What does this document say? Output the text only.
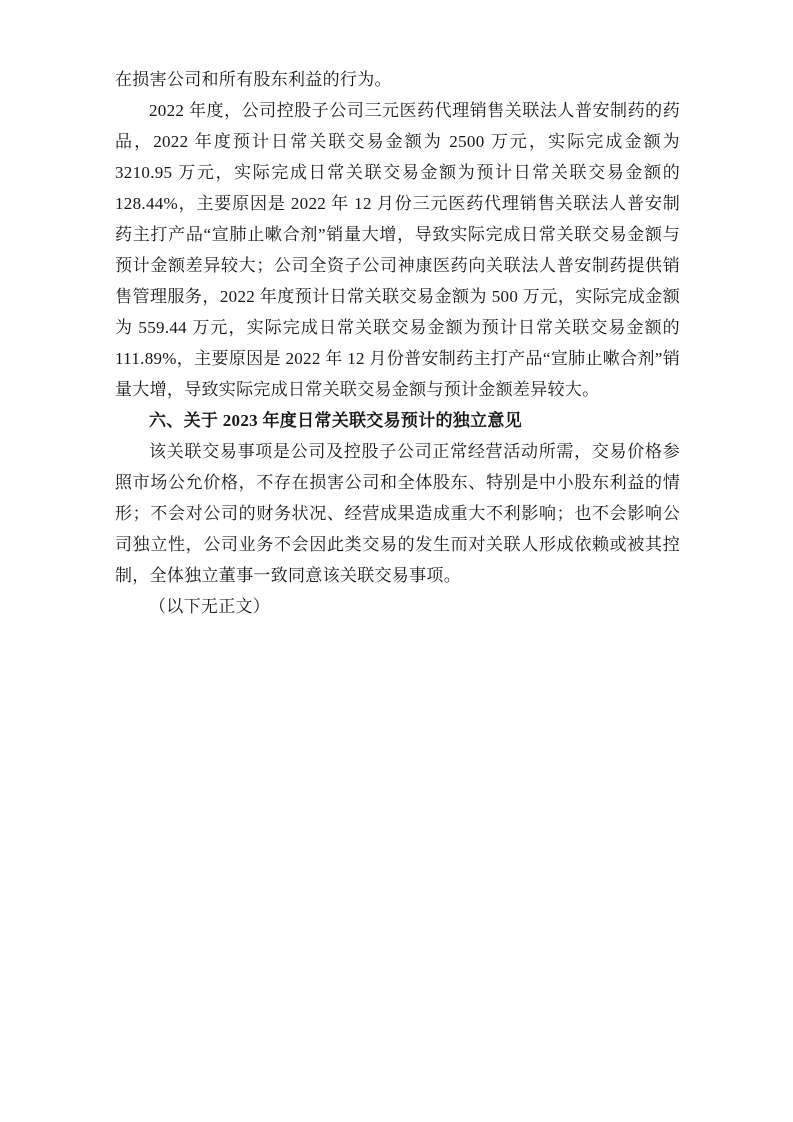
在损害公司和所有股东利益的行为。

2022 年度，公司控股子公司三元医药代理销售关联法人普安制药的药品，2022 年度预计日常关联交易金额为 2500 万元，实际完成金额为 3210.95 万元，实际完成日常关联交易金额为预计日常关联交易金额的 128.44%，主要原因是 2022 年 12 月份三元医药代理销售关联法人普安制药主打产品“宣肺止嗽合剂”销量大增，导致实际完成日常关联交易金额与预计金额差异较大；公司全资子公司神康医药向关联法人普安制药提供销售管理服务，2022 年度预计日常关联交易金额为 500 万元，实际完成金额为 559.44 万元，实际完成日常关联交易金额为预计日常关联交易金额的 111.89%，主要原因是 2022 年 12 月份普安制药主打产品“宣肺止嗽合剂”销量大增，导致实际完成日常关联交易金额与预计金额差异较大。

六、关于 2023 年度日常关联交易预计的独立意见

该关联交易事项是公司及控股子公司正常经营活动所需，交易价格参照市场公允价格，不存在损害公司和全体股东、特别是中小股东利益的情形；不会对公司的财务状况、经营成果造成重大不利影响；也不会影响公司独立性，公司业务不会因此类交易的发生而对关联人形成依赖或被其控制，全体独立董事一致同意该关联交易事项。

（以下无正文）
